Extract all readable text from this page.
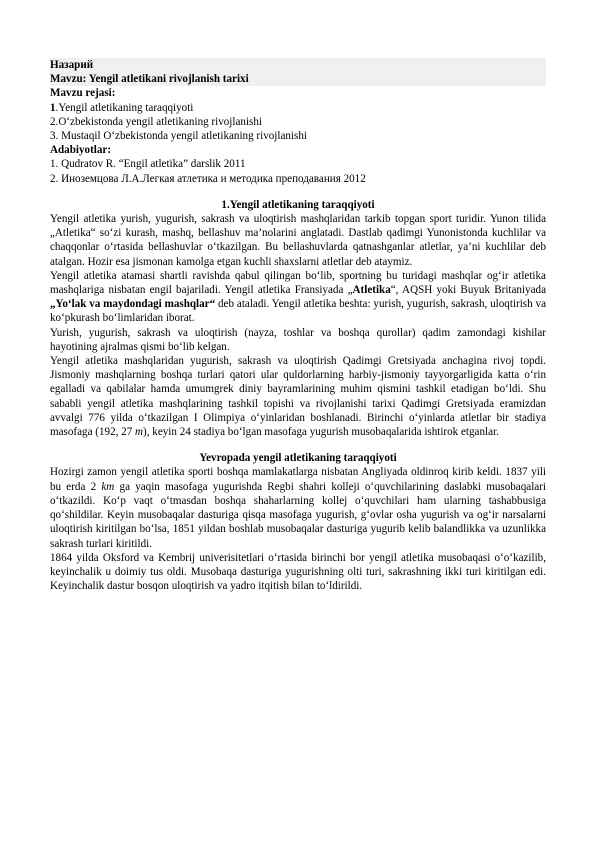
Назарий

Mavzu: Yengil atletikani rivojlanish tarixi

Mavzu rejasi:

1.Yengil atletikaning taraqqiyoti

2.O‘zbekistonda yengil atletikaning rivojlanishi

3. Mustaqil O‘zbekistonda yengil atletikaning rivojlanishi

Adabiyotlar:

1. Qudratov R. “Engil atletika” darslik 2011

2. Иноземцова Л.А.Легкая атлетика и методика преподавания 2012

1.Yengil atletikaning taraqqiyoti

Yengil atletika yurish, yugurish, sakrash va uloqtirish mashqlaridan tarkib topgan sport turidir. Yunon tilida „Atletika“ so‘zi kurash, mashq, bellashuv ma’nolarini anglatadi. Dastlab qadimgi Yunonistonda kuchlilar va chaqqonlar o‘rtasida bellashuvlar o‘tkazilgan. Bu bellashuvlarda qatnashganlar atletlar, ya’ni kuchlilar deb atalgan. Hozir esa jismonan kamolga etgan kuchli shaxslarni atletlar deb ataymiz.

Yengil atletika atamasi shartli ravishda qabul qilingan bo‘lib, sportning bu turidagi mashqlar og‘ir atletika mashqlariga nisbatan engil bajariladi. Yengil atletika Fransiyada „Atletika“, AQSH yoki Buyuk Britaniyada „Yo‘lak va maydondagi mashqlar“ deb ataladi. Yengil atletika beshta: yurish, yugurish, sakrash, uloqtirish va ko‘pkurash bo‘limlaridan iborat.

Yurish, yugurish, sakrash va uloqtirish (nayza, toshlar va boshqa qurollar) qadim zamondagi kishilar hayotining ajralmas qismi bo‘lib kelgan.

Yengil atletika mashqlaridan yugurish, sakrash va uloqtirish Qadimgi Gretsiyada anchagina rivoj topdi. Jismoniy mashqlarning boshqa turlari qatori ular quldorlarning harbiy-jismoniy tayyorgarligida katta o‘rin egalladi va qabilalar hamda umumgrek diniy bayramlarining muhim qismini tashkil etadigan bo‘ldi. Shu sababli yengil atletika mashqlarining tashkil topishi va rivojlanishi tarixi Qadimgi Gretsiyada eramizdan avvalgi 776 yilda o‘tkazilgan I Olimpiya o‘yinlaridan boshlanadi. Birinchi o‘yinlarda atletlar bir stadiya masofaga (192, 27 m), keyin 24 stadiya bo‘lgan masofaga yugurish musobaqalarida ishtirok etganlar.

Yevropada yengil atletikaning taraqqiyoti

Hozirgi zamon yengil atletika sporti boshqa mamlakatlarga nisbatan Angliyada oldinroq kirib keldi. 1837 yili bu erda 2 km ga yaqin masofaga yugurishda Regbi shahri kolleji o‘quvchilarining daslabki musobaqalari o‘tkazildi. Ko‘p vaqt o‘tmasdan boshqa shaharlarning kollej o‘quvchilari ham ularning tashabbusiga qo‘shildilar. Keyin musobaqalar dasturiga qisqa masofaga yugurish, g‘ovlar osha yugurish va og‘ir narsalarni uloqtirish kiritilgan bo‘lsa, 1851 yildan boshlab musobaqalar dasturiga yugurib kelib balandlikka va uzunlikka sakrash turlari kiritildi.

1864 yilda Oksford va Kembrij univerisitetlari o‘rtasida birinchi bor yengil atletika musobaqasi o‘o‘kazilib, keyinchalik u doimiy tus oldi. Musobaqa dasturiga yugurishning olti turi, sakrashning ikki turi kiritilgan edi. Keyinchalik dastur bosqon uloqtirish va yadro itqitish bilan to‘ldirildi.
